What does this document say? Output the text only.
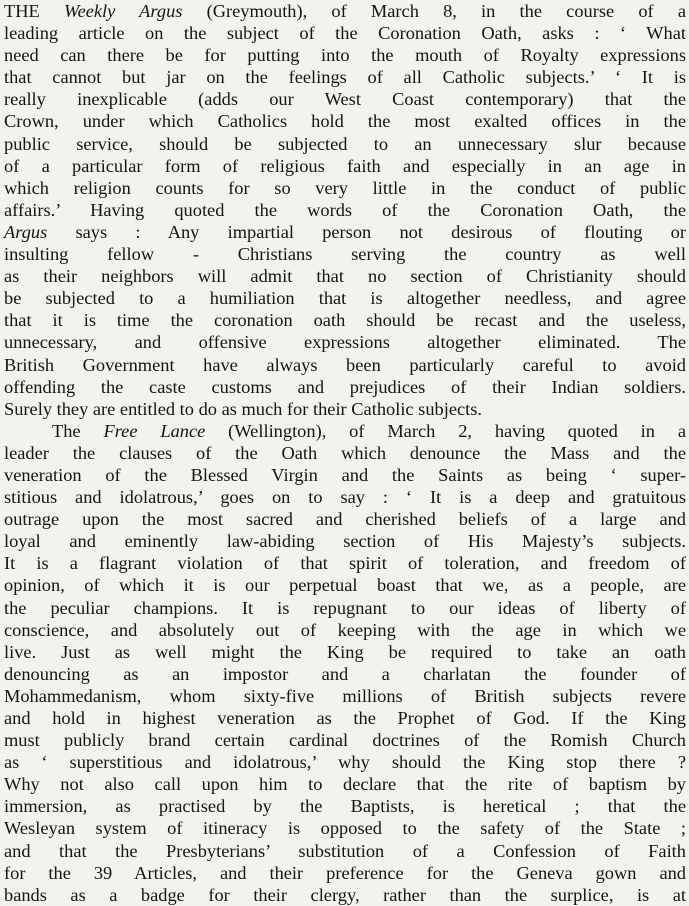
THE Weekly Argus (Greymouth), of March 8, in the course of a
leading article on the subject of the Coronation Oath, asks : ‘ What
need can there be for putting into the mouth of Royalty expressions
that cannot but jar on the feelings of all Catholic subjects.’ ‘ It is
really inexplicable (adds our West Coast contemporary) that the
Crown, under which Catholics hold the most exalted offices in the
public service, should be subjected to an unnecessary slur because
of a particular form of religious faith and especially in an age in
which religion counts for so very little in the conduct of public
affairs.’ Having quoted the words of the Coronation Oath, the
Argus says : Any impartial person not desirous of flouting or
insulting fellow - Christians serving the country as well
as their neighbors will admit that no section of Christianity should
be subjected to a humiliation that is altogether needless, and agree
that it is time the coronation oath should be recast and the useless,
unnecessary, and offensive expressions altogether eliminated. The
British Government have always been particularly careful to avoid
offending the caste customs and prejudices of their Indian soldiers.
Surely they are entitled to do as much for their Catholic subjects.
The Free Lance (Wellington), of March 2, having quoted in a
leader the clauses of the Oath which denounce the Mass and the
veneration of the Blessed Virgin and the Saints as being ‘ super-
stitious and idolatrous,’ goes on to say : ‘ It is a deep and gratuitous
outrage upon the most sacred and cherished beliefs of a large and
loyal and eminently law-abiding section of His Majesty’s subjects.
It is a flagrant violation of that spirit of toleration, and freedom of
opinion, of which it is our perpetual boast that we, as a people, are
the peculiar champions. It is repugnant to our ideas of liberty of
conscience, and absolutely out of keeping with the age in which we
live. Just as well might the King be required to take an oath
denouncing as an impostor and a charlatan the founder of
Mohammedanism, whom sixty-five millions of British subjects revere
and hold in highest veneration as the Prophet of God. If the King
must publicly brand certain cardinal doctrines of the Romish Church
as ‘ superstitious and idolatrous,’ why should the King stop there ?
Why not also call upon him to declare that the rite of baptism by
immersion, as practised by the Baptists, is heretical ; that the
Wesleyan system of itineracy is opposed to the safety of the State ;
and that the Presbyterians’ substitution of a Confession of Faith
for the 39 Articles, and their preference for the Geneva gown and
bands as a badge for their clergy, rather than the surplice, is at
